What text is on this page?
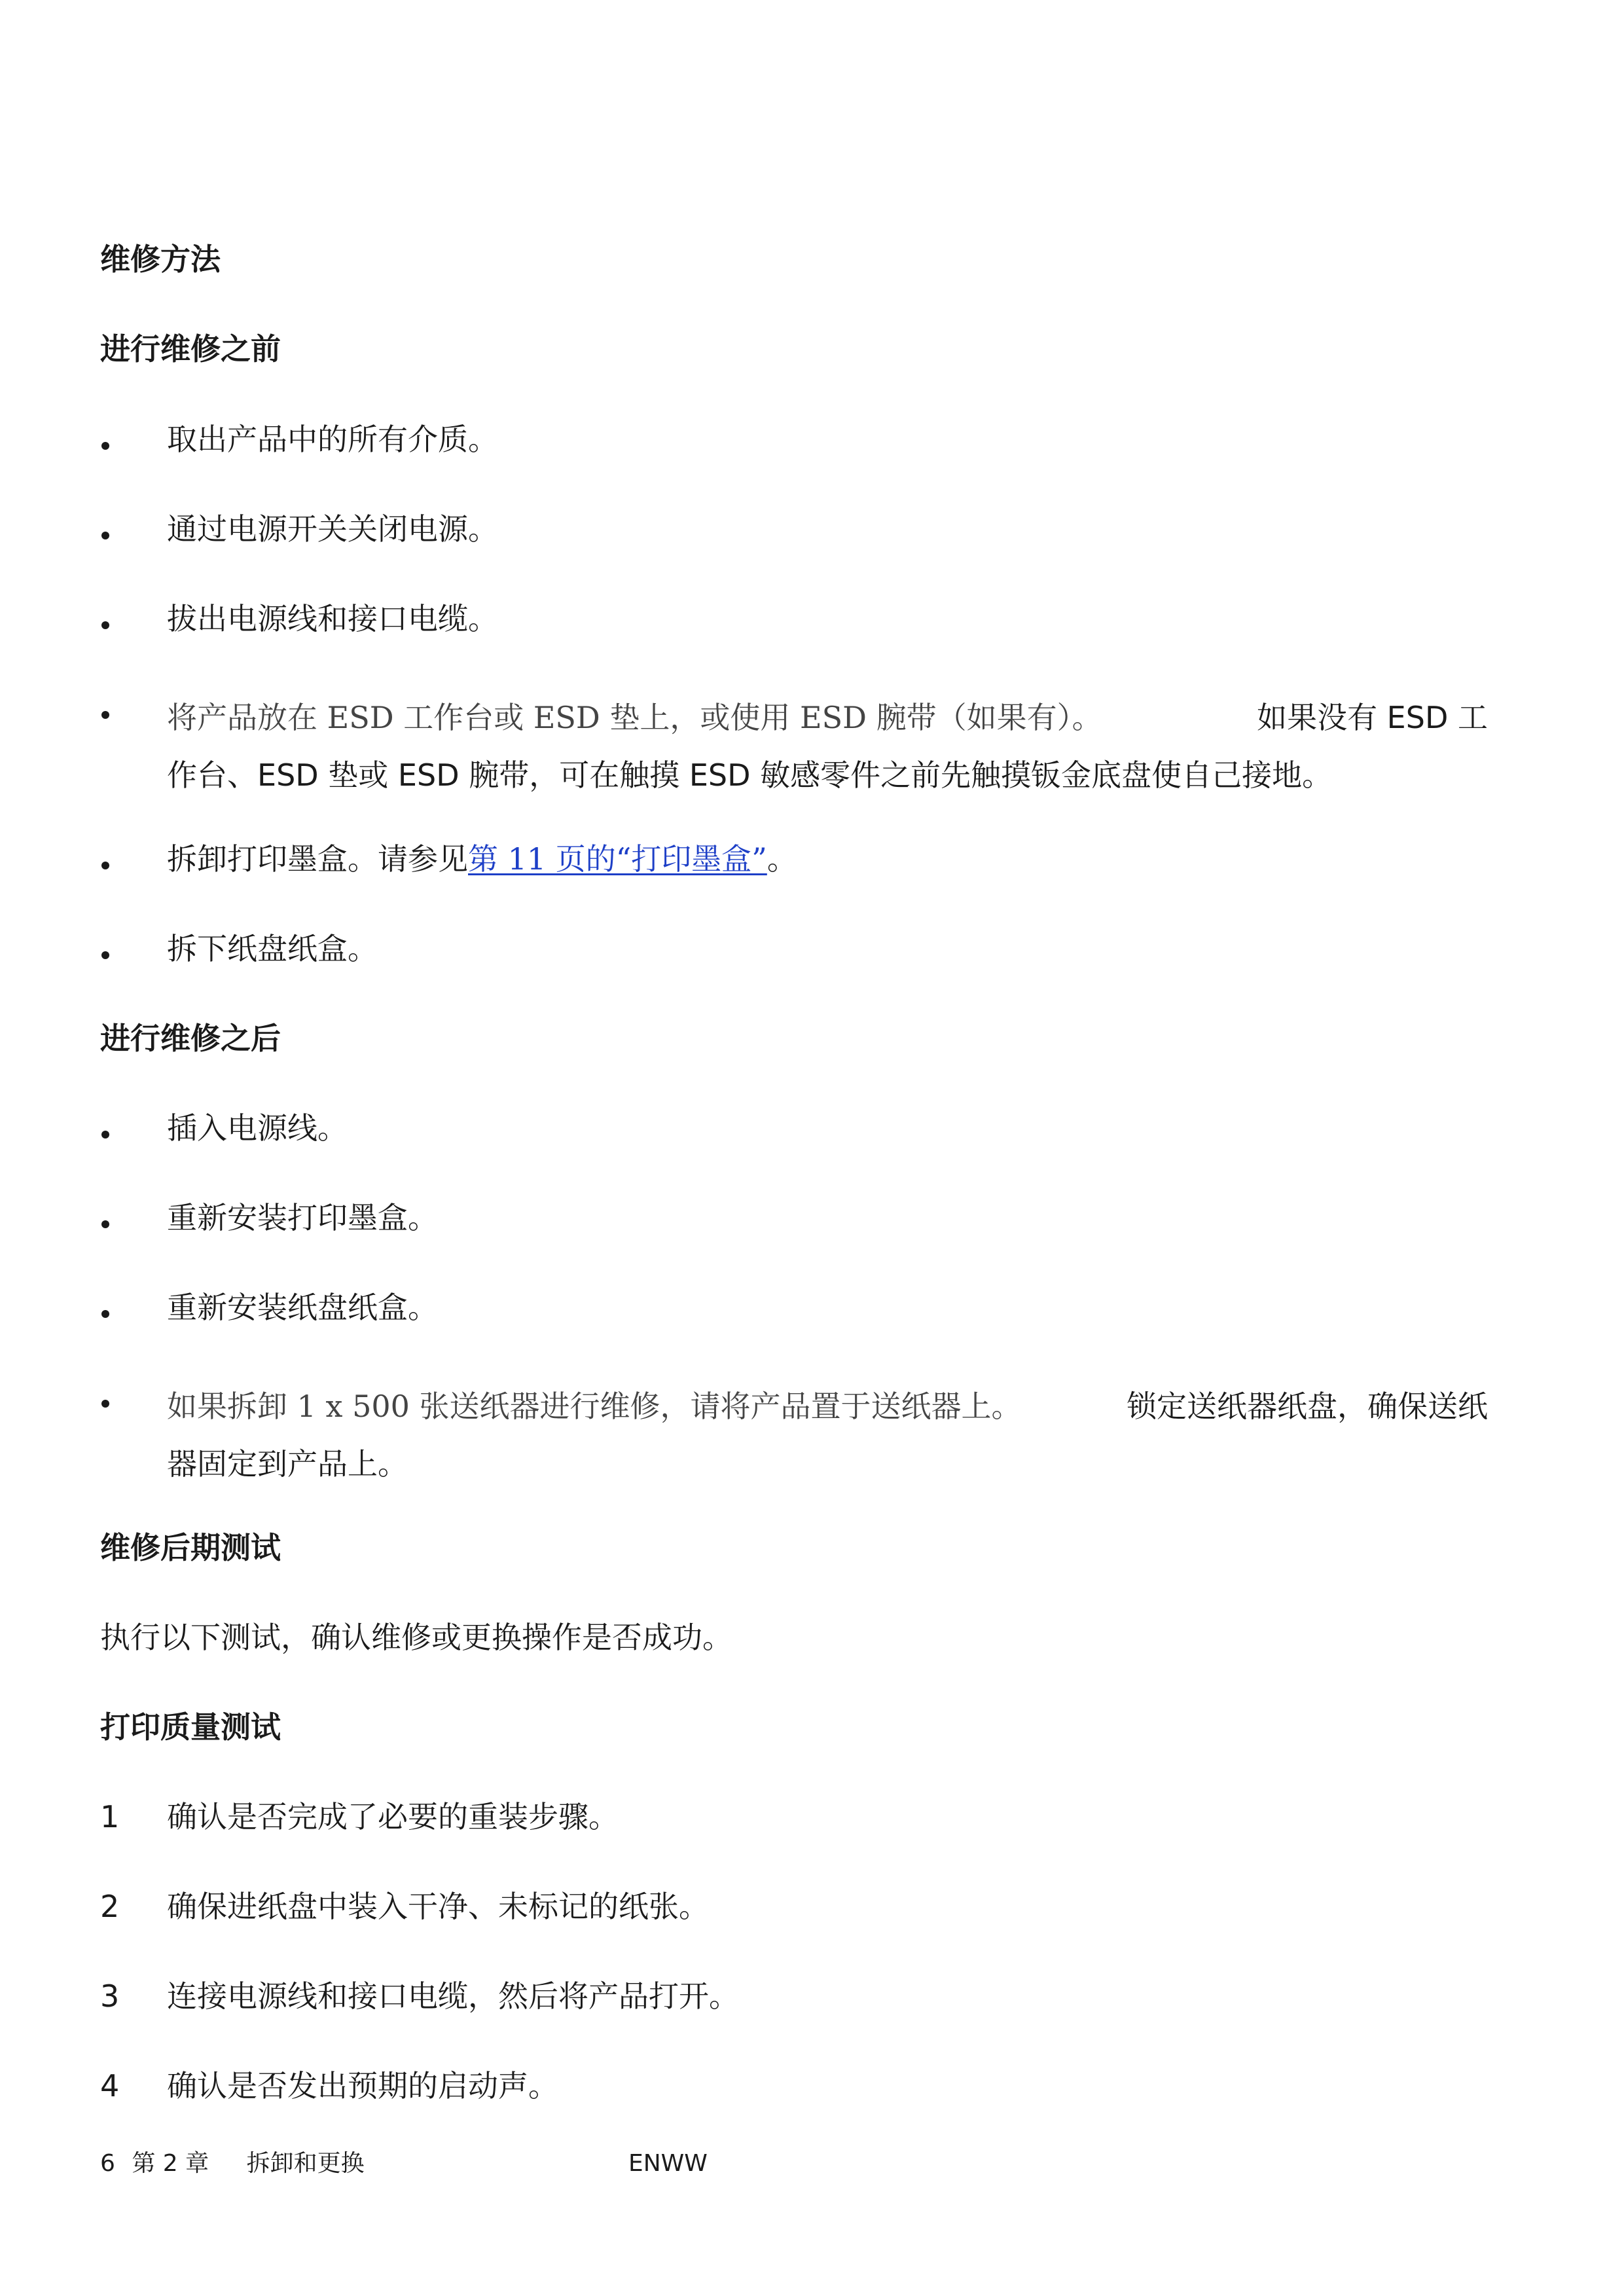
维修方法
进行维修之前
取出产品中的所有介质。
通过电源开关关闭电源。
拔出电源线和接口电缆。
将产品放在 ESD 工作台或 ESD 垫上，或使用 ESD 腕带（如果有）。	如果没有 ESD 工
作台、ESD 垫或 ESD 腕带，可在触摸 ESD 敏感零件之前先触摸钣金底盘使自己接地。
拆卸打印墨盒。请参见第 11 页的“打印墨盒”。
拆下纸盘纸盒。
进行维修之后
插入电源线。
重新安装打印墨盒。
重新安装纸盘纸盒。
如果拆卸 1 x 500 张送纸器进行维修，请将产品置于送纸器上。	锁定送纸器纸盘，确保送纸
器固定到产品上。
维修后期测试

执行以下测试，确认维修或更换操作是否成功。

打印质量测试
1 确认是否完成了必要的重装步骤。
2 确保进纸盘中装入干净、未标记的纸张。
3 连接电源线和接口电缆，然后将产品打开。
4 确认是否发出预期的启动声。
6 第 2 章 拆卸和更换	ENWW
